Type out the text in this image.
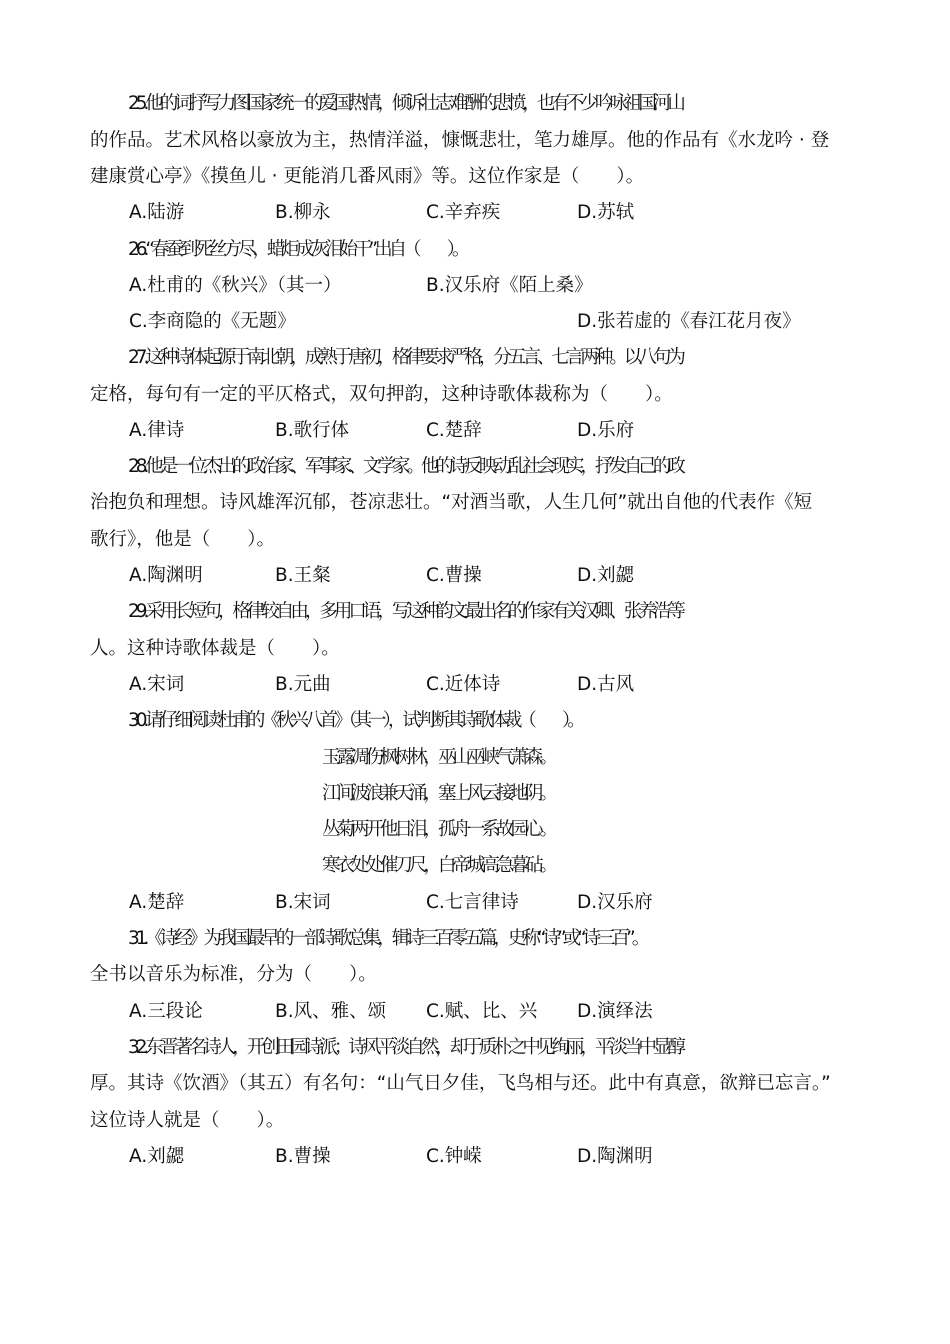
25.他的词抒写力图国家统一的爱国热情，倾诉壮志难酬的悲愤，也有不少吟咏祖国河山
的作品。艺术风格以豪放为主，热情洋溢，慷慨悲壮，笔力雄厚。他的作品有《水龙吟 · 登
建康赏心亭》《摸鱼儿 · 更能消几番风雨》等。这位作家是（　　）。
A.陆游	B.柳永	C.辛弃疾	D.苏轼
26.“春蚕到死丝方尽，蜡炬成灰泪始干”出自（　　）。
A.杜甫的《秋兴》（其一）	B.汉乐府《陌上桑》
C.李商隐的《无题》	D.张若虚的《春江花月夜》
27.这种诗体起源于南北朝，成熟于唐初，格律要求严格，分五言、七言两种。以八句为
定格，每句有一定的平仄格式，双句押韵，这种诗歌体裁称为（　　）。
A.律诗	B.歌行体	C.楚辞	D.乐府
28.他是一位杰出的政治家、军事家、文学家。他的诗反映动乱社会现实，抒发自己的政
治抱负和理想。诗风雄浑沉郁，苍凉悲壮。“对酒当歌，人生几何”就出自他的代表作《短
歌行》，他是（　　）。
A.陶渊明	B.王粲	C.曹操	D.刘勰
29.采用长短句，格律较自由，多用口语，写这种韵文最出名的作家有关汉卿、张养浩等
人。这种诗歌体裁是（　　）。
A.宋词	B.元曲	C.近体诗	D.古风
30.请仔细阅读杜甫的《秋兴八首》（其一），试判断其诗歌体裁（　　）。
玉露凋伤枫树林，巫山巫峡气萧森。
江间波浪兼天涌，塞上风云接地阴。
丛菊两开他日泪，孤舟一系故园心。
寒衣处处催刀尺，白帝城高急暮砧。
A.楚辞	B.宋词	C.七言律诗	D.汉乐府
31.《诗经》为我国最早的一部诗歌总集，辑诗三百零五篇，史称“诗”或“诗三百”。
全书以音乐为标准，分为（　　）。
A.三段论	B.风、雅、颂 C.赋、比、兴 D.演绎法
32.东晋著名诗人，开创田园诗派；诗风平淡自然，却于质朴之中见绚丽，平淡当中显醇
厚。其诗《饮酒》（其五）有名句：“山气日夕佳，飞鸟相与还。此中有真意，欲辩已忘言。”
这位诗人就是（　　）。
A.刘勰	B.曹操	C.钟嵘	D.陶渊明
